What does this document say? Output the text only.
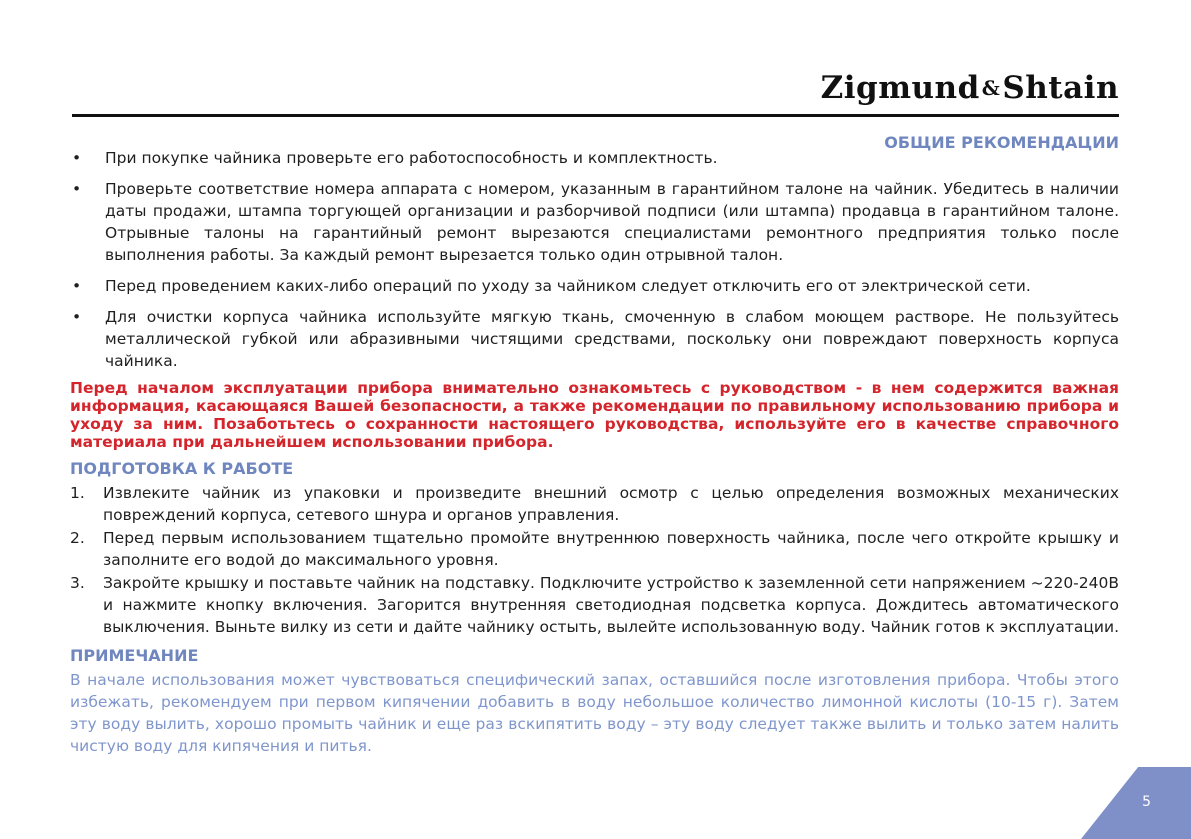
Zigmund &Shtain
ОБЩИЕ РЕКОМЕНДАЦИИ
• При покупке чайника проверьте его работоспособность и комплектность.
• Проверьте соответствие номера аппарата с номером, указанным в гарантийном талоне на чайник. Убедитесь в наличии даты продажи, штампа торгующей организации и разборчивой подписи (или штампа) продавца в гарантийном талоне. Отрывные талоны на гарантийный ремонт вырезаются специалистами ремонтного предприятия только после выполнения работы. За каждый ремонт вырезается только один отрывной талон.
• Перед проведением каких-либо операций по уходу за чайником следует отключить его от электрической сети.
• Для очистки корпуса чайника используйте мягкую ткань, смоченную в слабом моющем растворе. Не пользуйтесь металлической губкой или абразивными чистящими средствами, поскольку они повреждают поверхность корпуса чайника.
Перед началом эксплуатации прибора внимательно ознакомьтесь с руководством - в нем содержится важная информация, касающаяся Вашей безопасности, а также рекомендации по правильному использованию прибора и уходу за ним. Позаботьтесь о сохранности настоящего руководства, используйте его в качестве справочного материала при дальнейшем использовании прибора.
ПОДГОТОВКА К РАБОТЕ
1. Извлеките чайник из упаковки и произведите внешний осмотр с целью определения возможных механических повреждений корпуса, сетевого шнура и органов управления.
2. Перед первым использованием тщательно промойте внутреннюю поверхность чайника, после чего откройте крышку и заполните его водой до максимального уровня.
3. Закройте крышку и поставьте чайник на подставку. Подключите устройство к заземленной сети напряжением ~220-240В и нажмите кнопку включения. Загорится внутренняя светодиодная подсветка корпуса. Дождитесь автоматического выключения. Выньте вилку из сети и дайте чайнику остыть, вылейте использованную воду. Чайник готов к эксплуатации.
ПРИМЕЧАНИЕ
В начале использования может чувствоваться специфический запах, оставшийся после изготовления прибора. Чтобы этого избежать, рекомендуем при первом кипячении добавить в воду небольшое количество лимонной кислоты (10-15 г). Затем эту воду вылить, хорошо промыть чайник и еще раз вскипятить воду – эту воду следует также вылить и только затем налить чистую воду для кипячения и питья.
5
